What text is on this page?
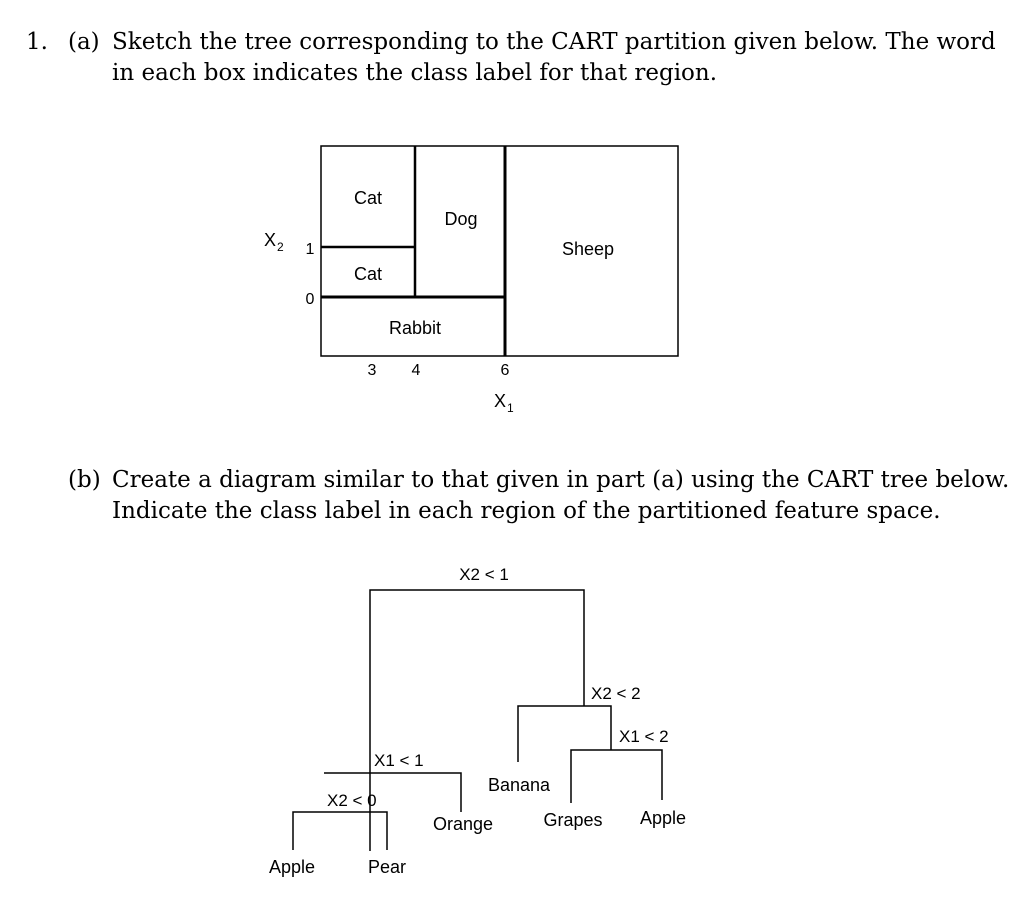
1. (a) Sketch the tree corresponding to the CART partition given below. The word
in each box indicates the class label for that region.
(b) Create a diagram similar to that given in part (a) using the CART tree below.
Indicate the class label in each region of the partitioned feature space.
Cat
Dog
Sheep
Cat
Rabbit
X 2 1
0
3 4	6
X 1
X2 < 1
X2 < 2
X1 < 2
X1 < 1
X2 < 0
Banana
Grapes Apple
Orange
Apple	Pear
